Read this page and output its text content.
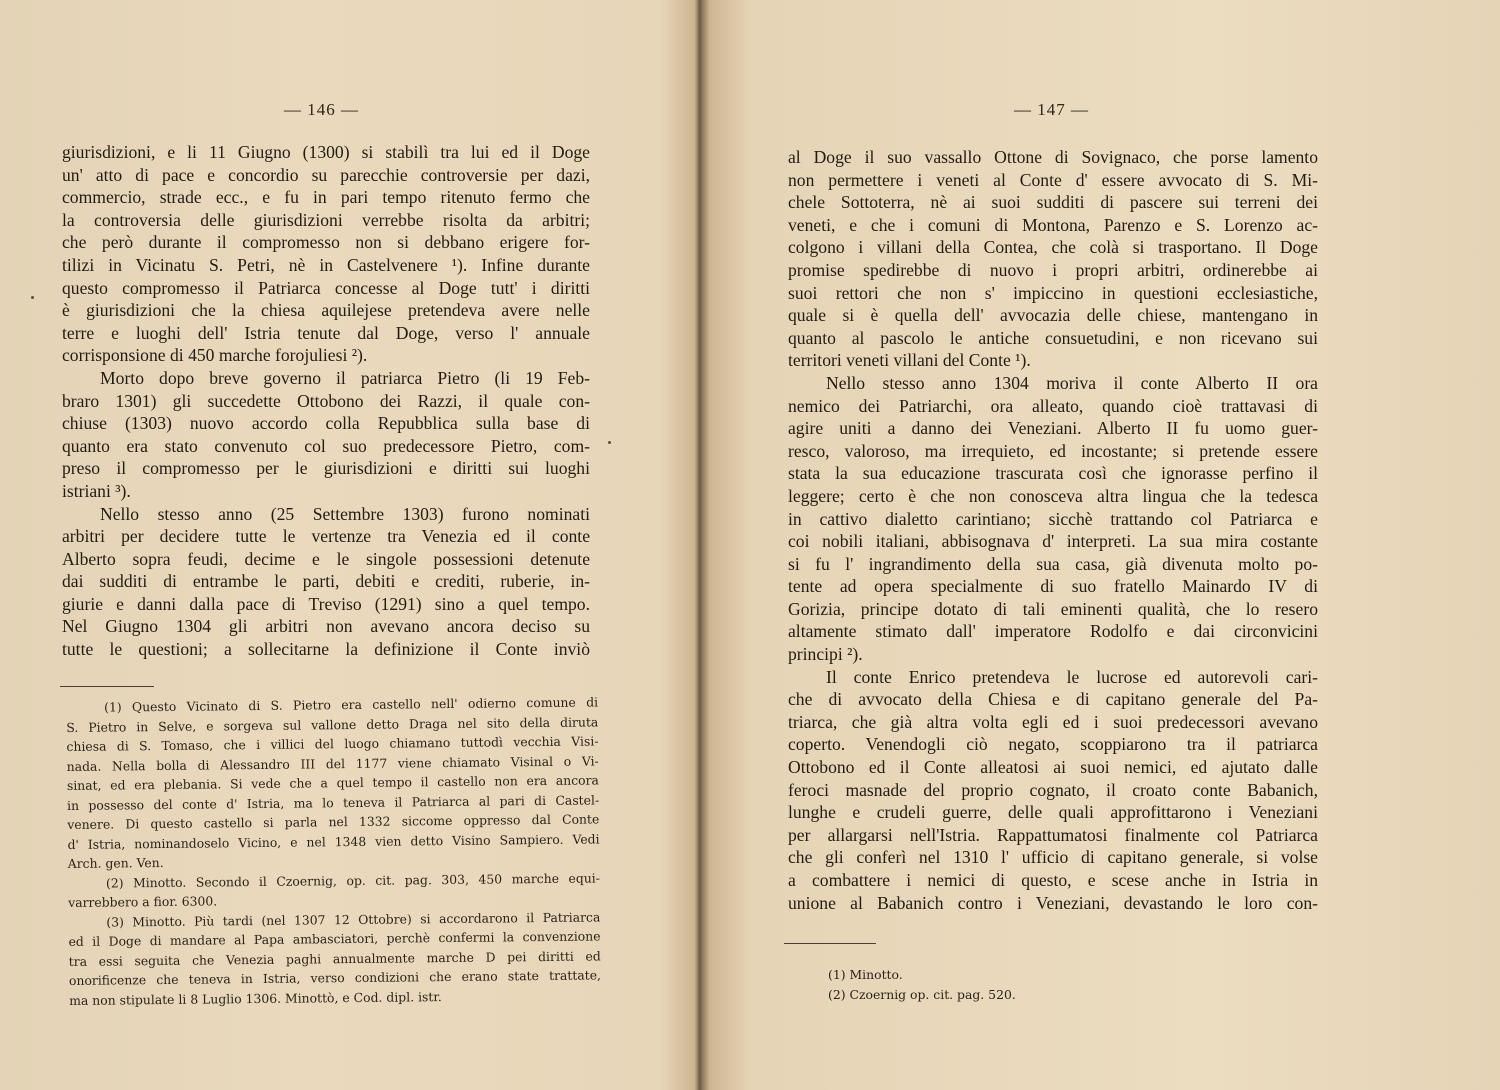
— 146 —
giurisdizioni, e li 11 Giugno (1300) si stabilì tra lui ed il Doge
un' atto di pace e concordio su parecchie controversie per dazi,
commercio, strade ecc., e fu in pari tempo ritenuto fermo che
la controversia delle giurisdizioni verrebbe risolta da arbitri;
che però durante il compromesso non si debbano erigere for-
tilizi in Vicinatu S. Petri, nè in Castelvenere ¹). Infine durante
questo compromesso il Patriarca concesse al Doge tutt' i diritti
è giurisdizioni che la chiesa aquilejese pretendeva avere nelle
terre e luoghi dell' Istria tenute dal Doge, verso l' annuale
corrisponsione di 450 marche forojuliesi ²).
Morto dopo breve governo il patriarca Pietro (li 19 Feb-
braro 1301) gli succedette Ottobono dei Razzi, il quale con-
chiuse (1303) nuovo accordo colla Repubblica sulla base di
quanto era stato convenuto col suo predecessore Pietro, com-
preso il compromesso per le giurisdizioni e diritti sui luoghi
istriani ³).
Nello stesso anno (25 Settembre 1303) furono nominati
arbitri per decidere tutte le vertenze tra Venezia ed il conte
Alberto sopra feudi, decime e le singole possessioni detenute
dai sudditi di entrambe le parti, debiti e crediti, ruberie, in-
giurie e danni dalla pace di Treviso (1291) sino a quel tempo.
Nel Giugno 1304 gli arbitri non avevano ancora deciso su
tutte le questioni; a sollecitarne la definizione il Conte inviò
(1) Questo Vicinato di S. Pietro era castello nell' odierno comune di
S. Pietro in Selve, e sorgeva sul vallone detto Draga nel sito della diruta
chiesa di S. Tomaso, che i villici del luogo chiamano tuttodì vecchia Visi-
nada. Nella bolla di Alessandro III del 1177 viene chiamato Visinal o Vi-
sinat, ed era plebania. Si vede che a quel tempo il castello non era ancora
in possesso del conte d' Istria, ma lo teneva il Patriarca al pari di Castel-
venere. Di questo castello si parla nel 1332 siccome oppresso dal Conte
d' Istria, nominandoselo Vicino, e nel 1348 vien detto Visino Sampiero. Vedi
Arch. gen. Ven.
(2) Minotto. Secondo il Czoernig, op. cit. pag. 303, 450 marche equi-
varrebbero a fior. 6300.
(3) Minotto. Più tardi (nel 1307 12 Ottobre) si accordarono il Patriarca
ed il Doge di mandare al Papa ambasciatori, perchè confermi la convenzione
tra essi seguita che Venezia paghi annualmente marche D pei diritti ed
onorificenze che teneva in Istria, verso condizioni che erano state trattate,
ma non stipulate li 8 Luglio 1306. Minottò, e Cod. dipl. istr.
— 147 —
al Doge il suo vassallo Ottone di Sovignaco, che porse lamento
non permettere i veneti al Conte d' essere avvocato di S. Mi-
chele Sottoterra, nè ai suoi sudditi di pascere sui terreni dei
veneti, e che i comuni di Montona, Parenzo e S. Lorenzo ac-
colgono i villani della Contea, che colà si trasportano. Il Doge
promise spedirebbe di nuovo i propri arbitri, ordinerebbe ai
suoi rettori che non s' impiccino in questioni ecclesiastiche,
quale si è quella dell' avvocazia delle chiese, mantengano in
quanto al pascolo le antiche consuetudini, e non ricevano sui
territori veneti villani del Conte ¹).
Nello stesso anno 1304 moriva il conte Alberto II ora
nemico dei Patriarchi, ora alleato, quando cioè trattavasi di
agire uniti a danno dei Veneziani. Alberto II fu uomo guer-
resco, valoroso, ma irrequieto, ed incostante; si pretende essere
stata la sua educazione trascurata così che ignorasse perfino il
leggere; certo è che non conosceva altra lingua che la tedesca
in cattivo dialetto carintiano; sicchè trattando col Patriarca e
coi nobili italiani, abbisognava d' interpreti. La sua mira costante
si fu l' ingrandimento della sua casa, già divenuta molto po-
tente ad opera specialmente di suo fratello Mainardo IV di
Gorizia, principe dotato di tali eminenti qualità, che lo resero
altamente stimato dall' imperatore Rodolfo e dai circonvicini
principi ²).
Il conte Enrico pretendeva le lucrose ed autorevoli cari-
che di avvocato della Chiesa e di capitano generale del Pa-
triarca, che già altra volta egli ed i suoi predecessori avevano
coperto. Venendogli ciò negato, scoppiarono tra il patriarca
Ottobono ed il Conte alleatosi ai suoi nemici, ed ajutato dalle
feroci masnade del proprio cognato, il croato conte Babanich,
lunghe e crudeli guerre, delle quali approfittarono i Veneziani
per allargarsi nell'Istria. Rappattumatosi finalmente col Patriarca
che gli conferì nel 1310 l' ufficio di capitano generale, si volse
a combattere i nemici di questo, e scese anche in Istria in
unione al Babanich contro i Veneziani, devastando le loro con-
(1) Minotto.
(2) Czoernig op. cit. pag. 520.
